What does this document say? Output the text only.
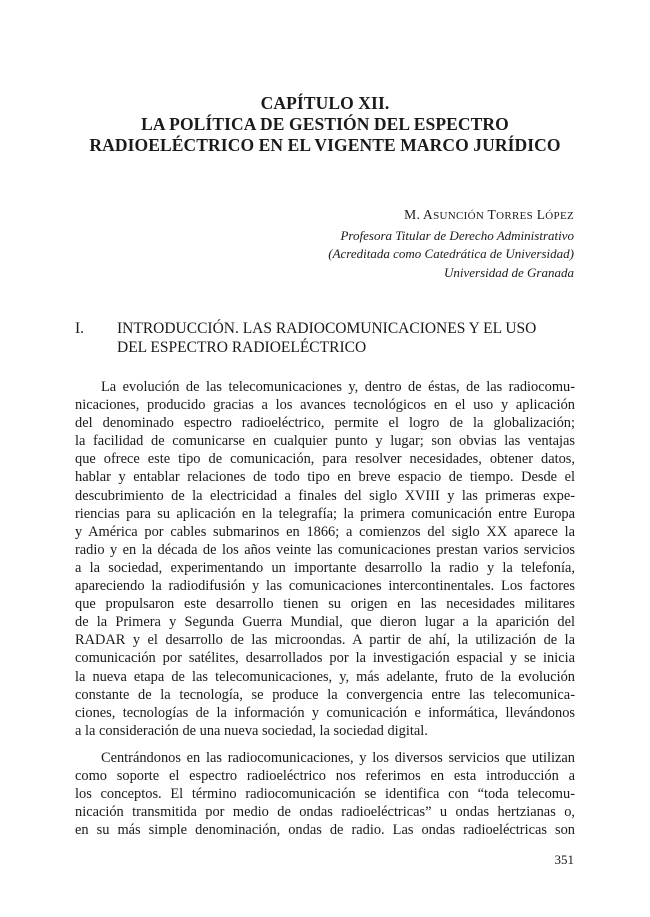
CAPÍTULO XII.
LA POLÍTICA DE GESTIÓN DEL ESPECTRO
RADIOELÉCTRICO EN EL VIGENTE MARCO JURÍDICO
M. ASUNCIÓN TORRES LÓPEZ
Profesora Titular de Derecho Administrativo
(Acreditada como Catedrática de Universidad)
Universidad de Granada
I. INTRODUCCIÓN. LAS RADIOCOMUNICACIONES Y EL USO
DEL ESPECTRO RADIOELÉCTRICO
La evolución de las telecomunicaciones y, dentro de éstas, de las radiocomu-
nicaciones, producido gracias a los avances tecnológicos en el uso y aplicación
del denominado espectro radioeléctrico, permite el logro de la globalización;
la facilidad de comunicarse en cualquier punto y lugar; son obvias las ventajas
que ofrece este tipo de comunicación, para resolver necesidades, obtener datos,
hablar y entablar relaciones de todo tipo en breve espacio de tiempo. Desde el
descubrimiento de la electricidad a finales del siglo XVIII y las primeras expe-
riencias para su aplicación en la telegrafía; la primera comunicación entre Europa
y América por cables submarinos en 1866; a comienzos del siglo XX aparece la
radio y en la década de los años veinte las comunicaciones prestan varios servicios
a la sociedad, experimentando un importante desarrollo la radio y la telefonía,
apareciendo la radiodifusión y las comunicaciones intercontinentales. Los factores
que propulsaron este desarrollo tienen su origen en las necesidades militares
de la Primera y Segunda Guerra Mundial, que dieron lugar a la aparición del
RADAR y el desarrollo de las microondas. A partir de ahí, la utilización de la
comunicación por satélites, desarrollados por la investigación espacial y se inicia
la nueva etapa de las telecomunicaciones, y, más adelante, fruto de la evolución
constante de la tecnología, se produce la convergencia entre las telecomunica-
ciones, tecnologías de la información y comunicación e informática, llevándonos
a la consideración de una nueva sociedad, la sociedad digital.
Centrándonos en las radiocomunicaciones, y los diversos servicios que utilizan
como soporte el espectro radioeléctrico nos referimos en esta introducción a
los conceptos. El término radiocomunicación se identifica con “toda telecomu-
nicación transmitida por medio de ondas radioeléctricas” u ondas hertzianas o,
en su más simple denominación, ondas de radio. Las ondas radioeléctricas son
351
